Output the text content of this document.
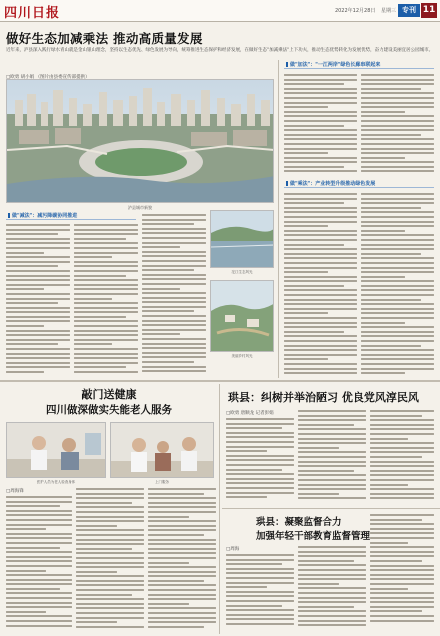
四川日报	2022年12月28日 星期三 专刊 11
做好生态加减乘法 推动高质量发展
近年来，泸县深入践行绿水青山就是金山银山理念，坚持以生态优先、绿色发展为导向，统筹推进生态保护和经济发展，在做好生态"加减乘法"上下功夫，推动生态优势转化为发展优势，奋力建设美丽宜居公园城市。
□欧勇 胡小娟 （图片由县委宣传部提供）
泸县城市新貌
做"减法"：减污降碳协同推进
沱江生态风光
美丽乡村风光
做"加法"："一江两岸"绿色长廊串联起来
做"乘法"：产业转型升级推动绿色发展
敲门送健康
四川做深做实失能老人服务
医护人员为老人检查身体	上门服务
□周海锋
珙县：纠树并举治陋习 优良党风淳民风
□欧勇 唐顺龙 记者彭娟
珙县：凝聚监督合力
加强年轻干部教育监督管理
□周海
